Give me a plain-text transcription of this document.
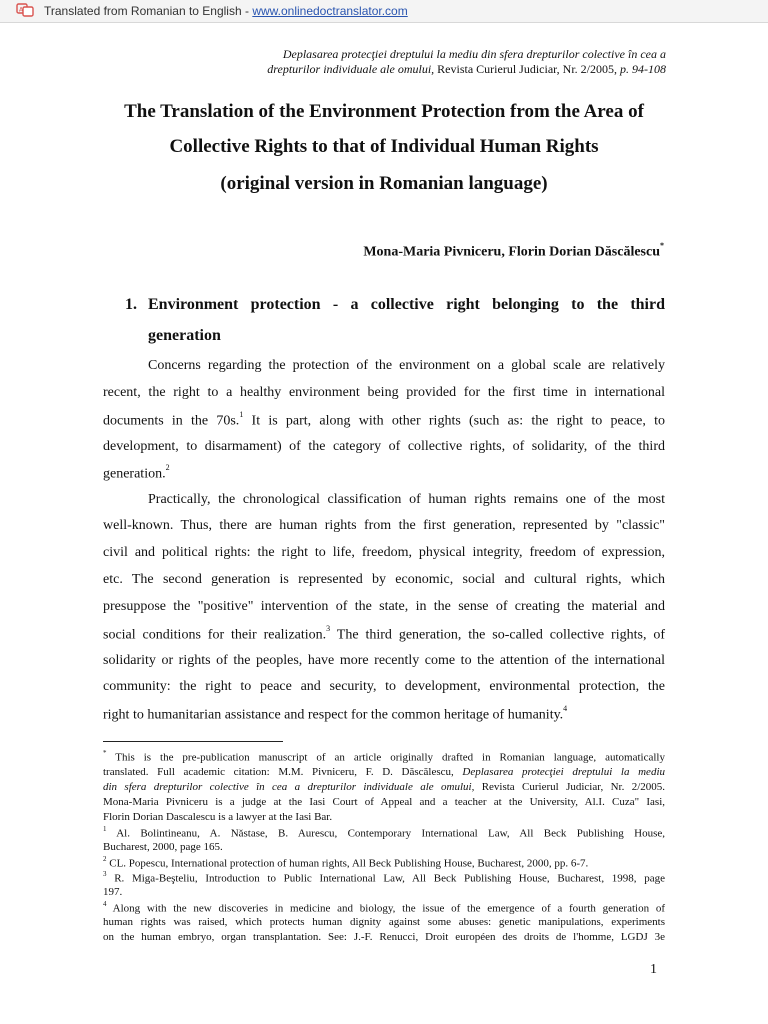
A Translated from Romanian to English - www.onlinedoctranslator.com
Deplasarea protecţiei dreptului la mediu din sfera drepturilor colective în cea a
drepturilor individuale ale omului, Revista Curierul Judiciar, Nr. 2/2005, p. 94-108
The Translation of the Environment Protection from the Area of
Collective Rights to that of Individual Human Rights
(original version in Romanian language)
Mona-Maria Pivniceru, Florin Dorian Dăscălescu*
1. Environment protection - a collective right belonging to the third
generation
Concerns regarding the protection of the environment on a global scale are relatively
recent, the right to a healthy environment being provided for the first time in international
documents in the 70s.$^1$ It is part, along with other rights (such as: the right to peace, to
development, to disarmament) of the category of collective rights, of solidarity, of the third
generation.$^2$
Practically, the chronological classification of human rights remains one of the most
well-known. Thus, there are human rights from the first generation, represented by "classic"
civil and political rights: the right to life, freedom, physical integrity, freedom of expression,
etc. The second generation is represented by economic, social and cultural rights, which
presuppose the "positive" intervention of the state, in the sense of creating the material and
social conditions for their realization.$^3$ The third generation, the so-called collective rights, of
solidarity or rights of the peoples, have more recently come to the attention of the international
community: the right to peace and security, to development, environmental protection, the
right to humanitarian assistance and respect for the common heritage of humanity.$^4$
* This is the pre-publication manuscript of an article originally drafted in Romanian language, automatically
translated. Full academic citation: M.M. Pivniceru, F. D. Dăscălescu, Deplasarea protecţiei dreptului la mediu
din sfera drepturilor colective în cea a drepturilor individuale ale omului, Revista Curierul Judiciar, Nr. 2/2005.
Mona-Maria Pivniceru is a judge at the Iasi Court of Appeal and a teacher at the University, Al.I. Cuza" Iasi,
Florin Dorian Dascalescu is a lawyer at the Iasi Bar.
$^1$ Al. Bolintineanu, A. Năstase, B. Aurescu, Contemporary International Law, All Beck Publishing House,
Bucharest, 2000, page 165.
$^2$ CL. Popescu, International protection of human rights, All Beck Publishing House, Bucharest, 2000, pp. 6-7.
$^3$ R. Miga-Beşteliu, Introduction to Public International Law, All Beck Publishing House, Bucharest, 1998, page
197.
$^4$ Along with the new discoveries in medicine and biology, the issue of the emergence of a fourth generation of
human rights was raised, which protects human dignity against some abuses: genetic manipulations, experiments
on the human embryo, organ transplantation. See: J.-F. Renucci, Droit européen des droits de l'homme, LGDJ 3e
1
